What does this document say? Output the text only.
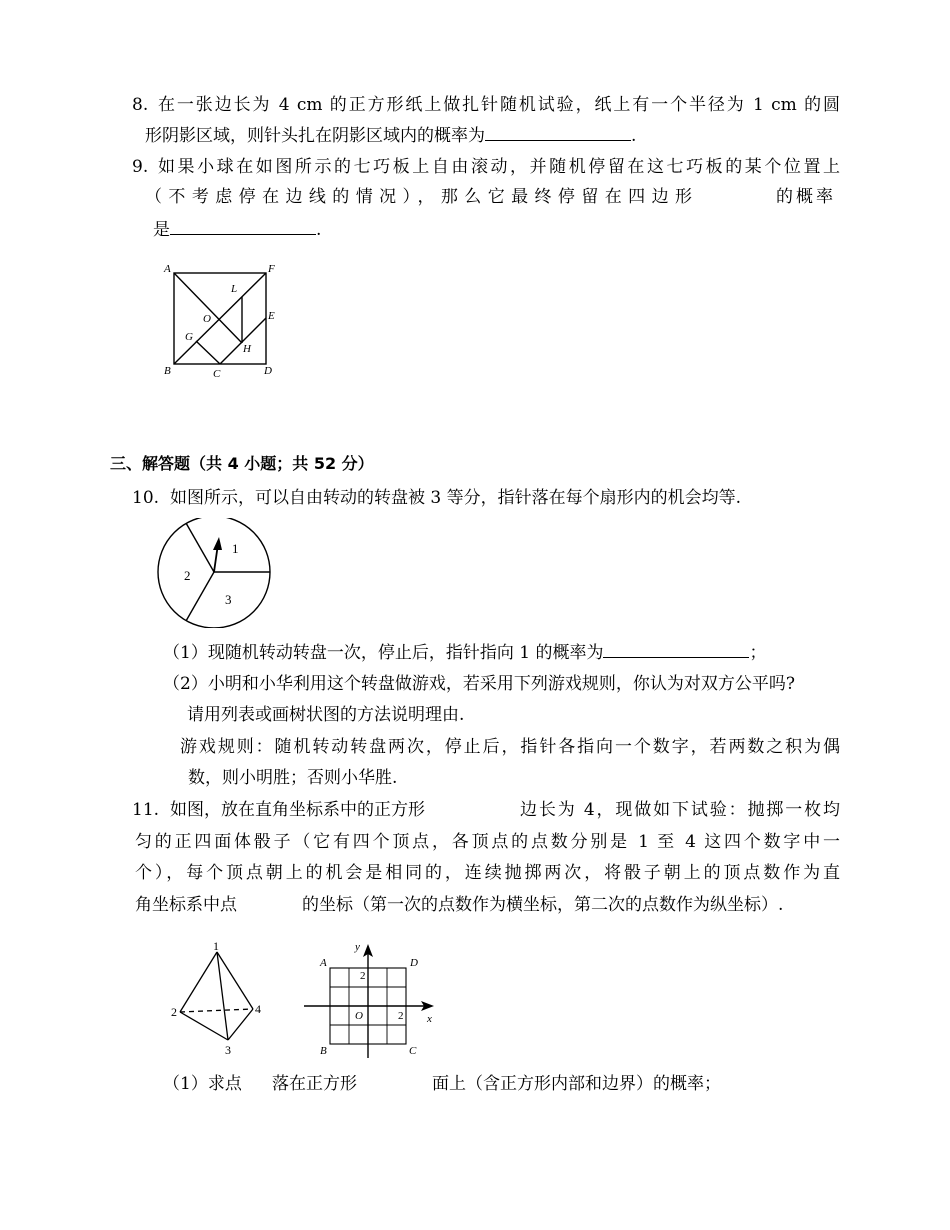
8. 在一张边长为 4 cm 的正方形纸上做扎针随机试验，纸上有一个半径为 1 cm 的圆
形阴影区域，则针头扎在阴影区域内的概率为	.
9. 如果小球在如图所示的七巧板上自由滚动，并随机停留在这七巧板的某个位置上
（不考虑停在边线的情况），那么它最终停留在四边形	的概率
是	.
A	F
L
E
O
G
H
B	C	D
三、解答题（共 4 小题；共 52 分）
10. 如图所示，可以自由转动的转盘被 3 等分，指针落在每个扇形内的机会均等.
1
2
3
（1）现随机转动转盘一次，停止后，指针指向 1 的概率为	；
（2）小明和小华利用这个转盘做游戏，若采用下列游戏规则，你认为对双方公平吗?
请用列表或画树状图的方法说明理由.
游戏规则：随机转动转盘两次，停止后，指针各指向一个数字，若两数之积为偶
数，则小明胜；否则小华胜.
11. 如图，放在直角坐标系中的正方形	边长为 4，现做如下试验：抛掷一枚均
匀的正四面体骰子（它有四个顶点，各顶点的点数分别是 1 至 4 这四个数字中一
个），每个顶点朝上的机会是相同的，连续抛掷两次，将骰子朝上的顶点数作为直
角坐标系中点	的坐标（第一次的点数作为横坐标，第二次的点数作为纵坐标）.
1
2
3
4
y
x
A	D
B	C
O
2
2
（1）求点 落在正方形	面上（含正方形内部和边界）的概率；
